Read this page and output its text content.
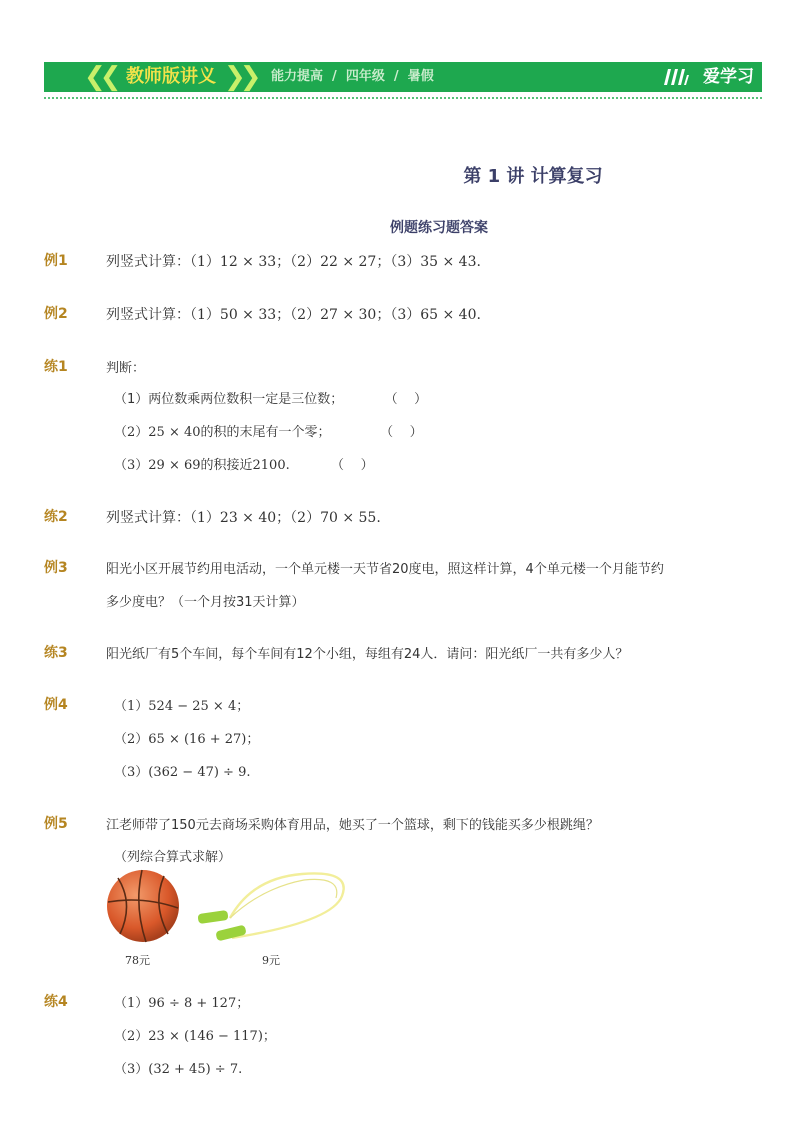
❮❮ 教师版讲义 ❯❯ 能力提高  /  四年级  /  暑假	爱学习
第 1 讲 计算复习
例题练习题答案
例1	列竖式计算：（1）12 × 33；（2）22 × 27；（3）35 × 43.
例2	列竖式计算：（1）50 × 33；（2）27 × 30；（3）65 × 40.
练1	判断：
（1）两位数乘两位数积一定是三位数；          （    ）
（2）25 × 40的积的末尾有一个零；            （    ）
（3）29 × 69的积接近2100.          （    ）
练2	列竖式计算：（1）23 × 40；（2）70 × 55.
例3	阳光小区开展节约用电活动，一个单元楼一天节省20度电，照这样计算，4个单元楼一个月能节约
多少度电？（一个月按31天计算）
练3	阳光纸厂有5个车间，每个车间有12个小组，每组有24人．请问：阳光纸厂一共有多少人？
例4	（1）524 − 25 × 4；
（2）65 × (16 + 27)；
（3）(362 − 47) ÷ 9.
例5	江老师带了150元去商场采购体育用品，她买了一个篮球，剩下的钱能买多少根跳绳？
（列综合算式求解）
78元	9元
练4	（1）96 ÷ 8 + 127；
（2）23 × (146 − 117)；
（3）(32 + 45) ÷ 7.
